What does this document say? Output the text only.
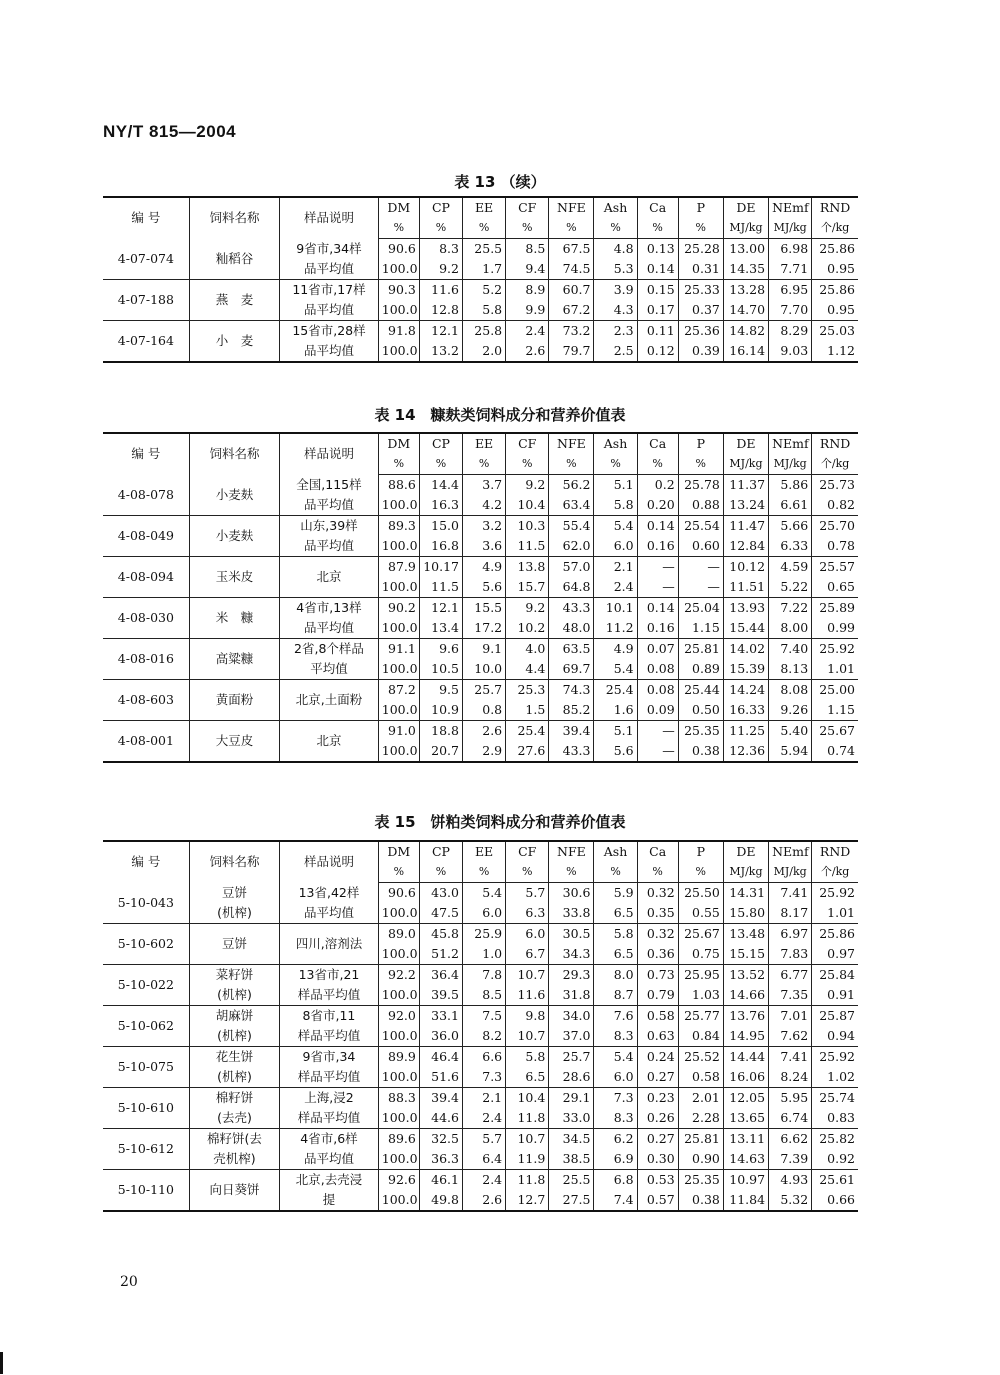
NY/T 815—2004
表 13 （续）
编 号	饲料名称	样品说明	DM	CP	EE	CF	NFE	Ash	Ca	P	DE	NEmf	RND
			%	%	%	%	%	%	%	%	MJ/kg	MJ/kg	个/kg
4-07-074	籼稻谷	9省市,34样	90.6	8.3	25.5	8.5	67.5	4.8	0.13	25.28	13.00	6.98	25.86
		品平均值	100.0	9.2	1.7	9.4	74.5	5.3	0.14	0.31	14.35	7.71	0.95
4-07-188	燕　麦	11省市,17样	90.3	11.6	5.2	8.9	60.7	3.9	0.15	25.33	13.28	6.95	25.86
		品平均值	100.0	12.8	5.8	9.9	67.2	4.3	0.17	0.37	14.70	7.70	0.95
4-07-164	小　麦	15省市,28样	91.8	12.1	25.8	2.4	73.2	2.3	0.11	25.36	14.82	8.29	25.03
		品平均值	100.0	13.2	2.0	2.6	79.7	2.5	0.12	0.39	16.14	9.03	1.12
表 14　糠麸类饲料成分和营养价值表
编 号	饲料名称	样品说明	DM	CP	EE	CF	NFE	Ash	Ca	P	DE	NEmf	RND
			%	%	%	%	%	%	%	%	MJ/kg	MJ/kg	个/kg
4-08-078	小麦麸	全国,115样	88.6	14.4	3.7	9.2	56.2	5.1	0.2	25.78	11.37	5.86	25.73
		品平均值	100.0	16.3	4.2	10.4	63.4	5.8	0.20	0.88	13.24	6.61	0.82
4-08-049	小麦麸	山东,39样	89.3	15.0	3.2	10.3	55.4	5.4	0.14	25.54	11.47	5.66	25.70
		品平均值	100.0	16.8	3.6	11.5	62.0	6.0	0.16	0.60	12.84	6.33	0.78
4-08-094	玉米皮	北京	87.9	10.17	4.9	13.8	57.0	2.1	—	—	10.12	4.59	25.57
			100.0	11.5	5.6	15.7	64.8	2.4	—	—	11.51	5.22	0.65
4-08-030	米　糠	4省市,13样	90.2	12.1	15.5	9.2	43.3	10.1	0.14	25.04	13.93	7.22	25.89
		品平均值	100.0	13.4	17.2	10.2	48.0	11.2	0.16	1.15	15.44	8.00	0.99
4-08-016	高粱糠	2省,8个样品	91.1	9.6	9.1	4.0	63.5	4.9	0.07	25.81	14.02	7.40	25.92
		平均值	100.0	10.5	10.0	4.4	69.7	5.4	0.08	0.89	15.39	8.13	1.01
4-08-603	黄面粉	北京,土面粉	87.2	9.5	25.7	25.3	74.3	25.4	0.08	25.44	14.24	8.08	25.00
			100.0	10.9	0.8	1.5	85.2	1.6	0.09	0.50	16.33	9.26	1.15
4-08-001	大豆皮	北京	91.0	18.8	2.6	25.4	39.4	5.1	—	25.35	11.25	5.40	25.67
			100.0	20.7	2.9	27.6	43.3	5.6	—	0.38	12.36	5.94	0.74
表 15　饼粕类饲料成分和营养价值表
编 号	饲料名称	样品说明	DM	CP	EE	CF	NFE	Ash	Ca	P	DE	NEmf	RND
			%	%	%	%	%	%	%	%	MJ/kg	MJ/kg	个/kg
5-10-043	豆饼	13省,42样	90.6	43.0	5.4	5.7	30.6	5.9	0.32	25.50	14.31	7.41	25.92
	(机榨)	品平均值	100.0	47.5	6.0	6.3	33.8	6.5	0.35	0.55	15.80	8.17	1.01
5-10-602	豆饼	四川,溶剂法	89.0	45.8	25.9	6.0	30.5	5.8	0.32	25.67	13.48	6.97	25.86
			100.0	51.2	1.0	6.7	34.3	6.5	0.36	0.75	15.15	7.83	0.97
5-10-022	菜籽饼	13省市,21	92.2	36.4	7.8	10.7	29.3	8.0	0.73	25.95	13.52	6.77	25.84
	(机榨)	样品平均值	100.0	39.5	8.5	11.6	31.8	8.7	0.79	1.03	14.66	7.35	0.91
5-10-062	胡麻饼	8省市,11	92.0	33.1	7.5	9.8	34.0	7.6	0.58	25.77	13.76	7.01	25.87
	(机榨)	样品平均值	100.0	36.0	8.2	10.7	37.0	8.3	0.63	0.84	14.95	7.62	0.94
5-10-075	花生饼	9省市,34	89.9	46.4	6.6	5.8	25.7	5.4	0.24	25.52	14.44	7.41	25.92
	(机榨)	样品平均值	100.0	51.6	7.3	6.5	28.6	6.0	0.27	0.58	16.06	8.24	1.02
5-10-610	棉籽饼	上海,浸2	88.3	39.4	2.1	10.4	29.1	7.3	0.23	2.01	12.05	5.95	25.74
	(去壳)	样品平均值	100.0	44.6	2.4	11.8	33.0	8.3	0.26	2.28	13.65	6.74	0.83
5-10-612	棉籽饼(去	4省市,6样	89.6	32.5	5.7	10.7	34.5	6.2	0.27	25.81	13.11	6.62	25.82
	壳机榨)	品平均值	100.0	36.3	6.4	11.9	38.5	6.9	0.30	0.90	14.63	7.39	0.92
5-10-110	向日葵饼	北京,去壳浸	92.6	46.1	2.4	11.8	25.5	6.8	0.53	25.35	10.97	4.93	25.61
		提	100.0	49.8	2.6	12.7	27.5	7.4	0.57	0.38	11.84	5.32	0.66
20
